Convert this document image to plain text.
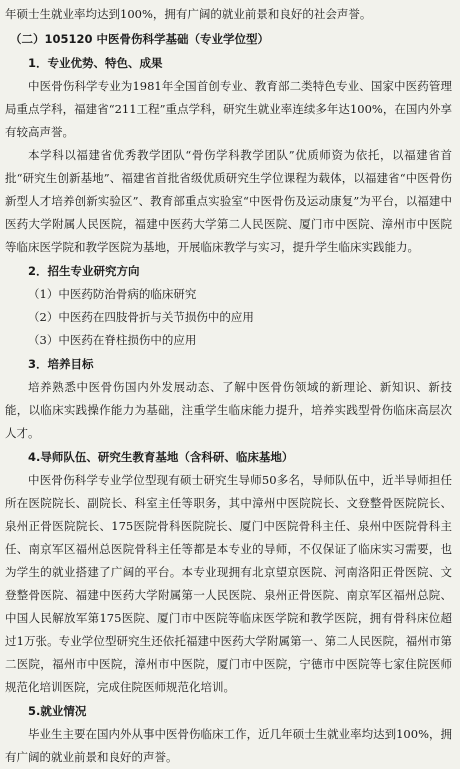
年硕士生就业率均达到100%，拥有广阔的就业前景和良好的社会声誉。

（二）105120 中医骨伤科学基础（专业学位型）

1．专业优势、特色、成果

中医骨伤科学专业为1981年全国首创专业、教育部二类特色专业、国家中医药管理局重点学科，福建省“211工程”重点学科，研究生就业率连续多年达100%，在国内外享有较高声誉。

本学科以福建省优秀教学团队“骨伤学科教学团队”优质师资为依托，以福建省首批“研究生创新基地”、福建省首批省级优质研究生学位课程为载体，以福建省“中医骨伤新型人才培养创新实验区”、教育部重点实验室“中医骨伤及运动康复”为平台，以福建中医药大学附属人民医院，福建中医药大学第二人民医院、厦门市中医院、漳州市中医院等临床医学院和教学医院为基地，开展临床教学与实习，提升学生临床实践能力。

2．招生专业研究方向

（1）中医药防治骨病的临床研究

（2）中医药在四肢骨折与关节损伤中的应用

（3）中医药在脊柱损伤中的应用

3．培养目标

培养熟悉中医骨伤国内外发展动态、了解中医骨伤领域的新理论、新知识、新技能，以临床实践操作能力为基础，注重学生临床能力提升，培养实践型骨伤临床高层次人才。

4.导师队伍、研究生教育基地（含科研、临床基地）

中医骨伤科学专业学位型现有硕士研究生导师50多名，导师队伍中，近半导师担任所在医院院长、副院长、科室主任等职务，其中漳州中医院院长、文登整骨医院院长、泉州正骨医院院长、175医院骨科医院院长、厦门中医院骨科主任、泉州中医院骨科主任、南京军区福州总医院骨科主任等都是本专业的导师，不仅保证了临床实习需要，也为学生的就业搭建了广阔的平台。本专业现拥有北京望京医院、河南洛阳正骨医院、文登整骨医院、福建中医药大学附属第一人民医院、泉州正骨医院、南京军区福州总院、中国人民解放军第175医院、厦门市中医院等临床医学院和教学医院，拥有骨科床位超过1万张。专业学位型研究生还依托福建中医药大学附属第一、第二人民医院，福州市第二医院，福州市中医院，漳州市中医院，厦门市中医院，宁德市中医院等七家住院医师规范化培训医院，完成住院医师规范化培训。

5.就业情况

毕业生主要在国内外从事中医骨伤临床工作，近几年硕士生就业率均达到100%，拥有广阔的就业前景和良好的声誉。
